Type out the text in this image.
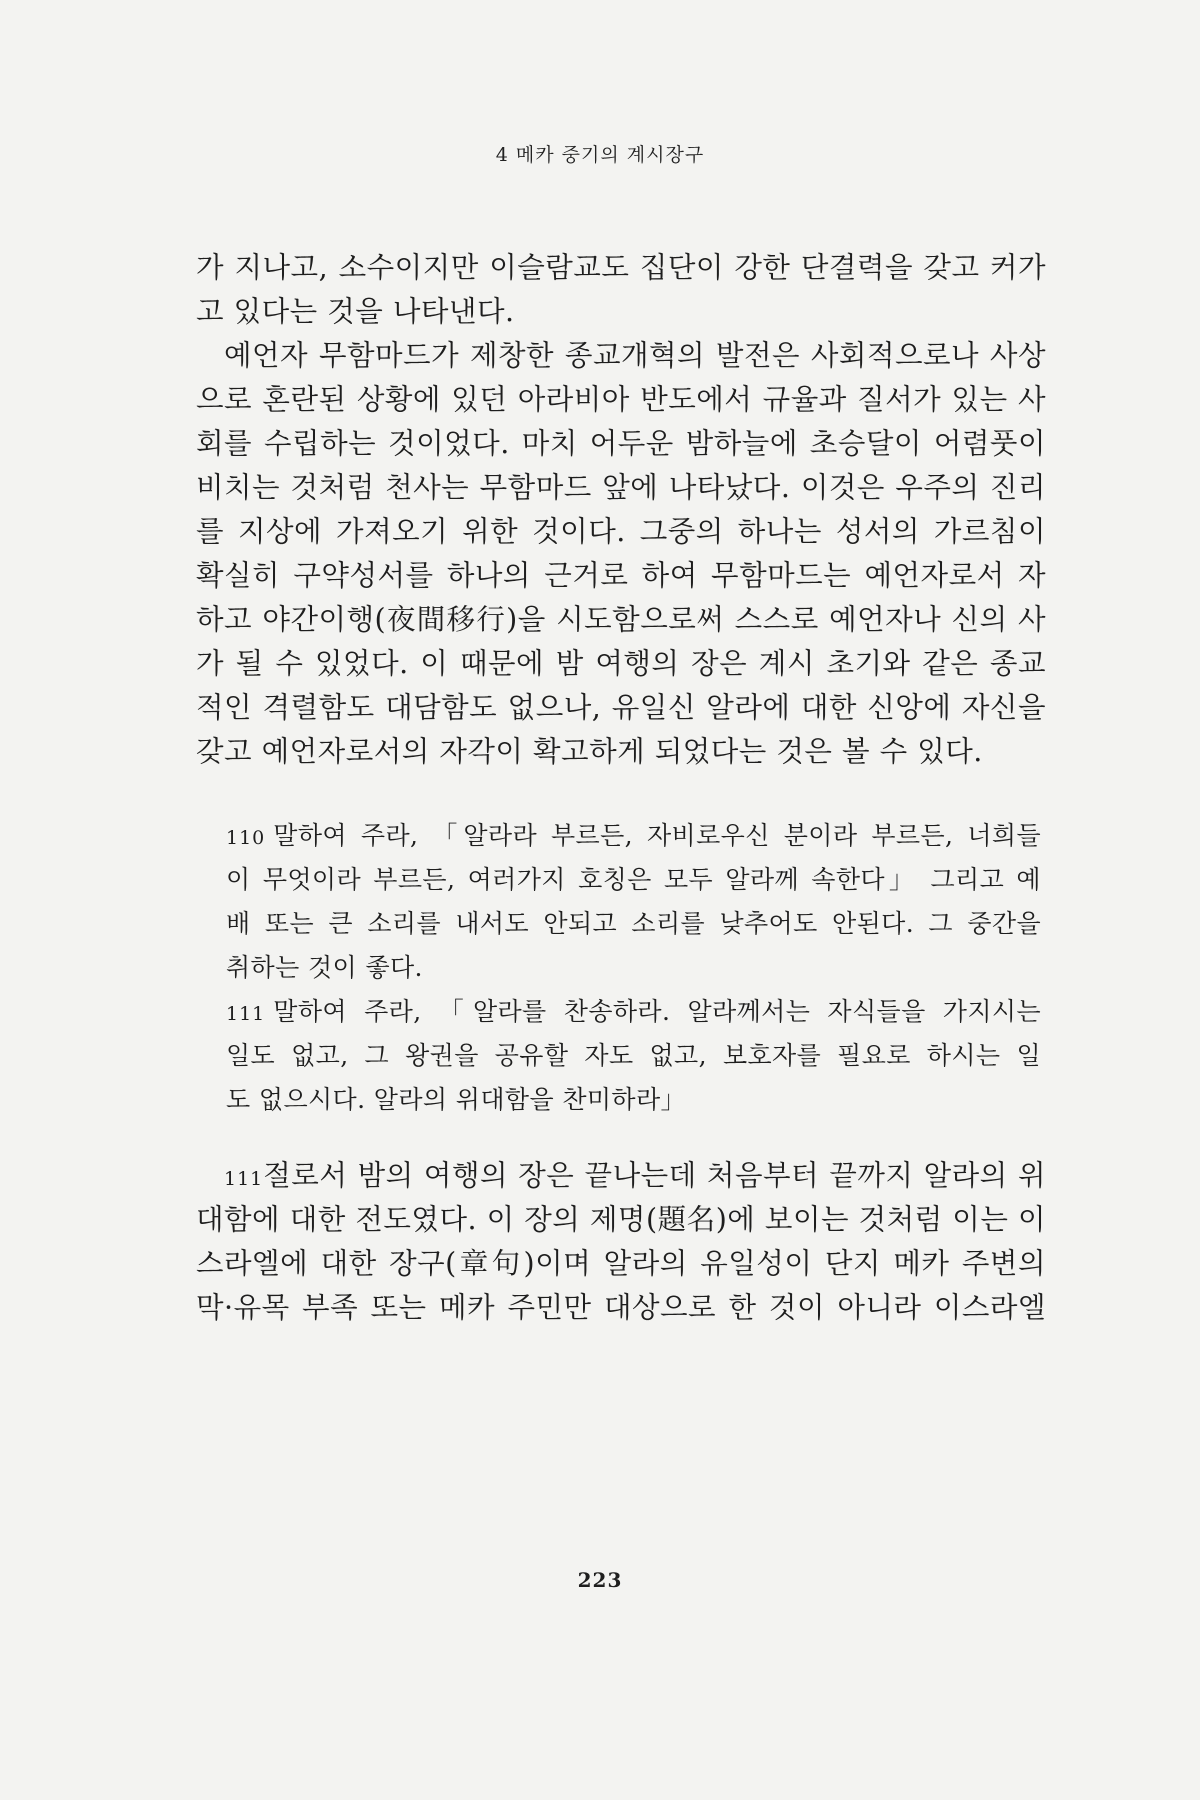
4 메카 중기의 계시장구
가 지나고, 소수이지만 이슬람교도 집단이 강한 단결력을 갖고 커가
고 있다는 것을 나타낸다.
예언자 무함마드가 제창한 종교개혁의 발전은 사회적으로나 사상
으로 혼란된 상황에 있던 아라비아 반도에서 규율과 질서가 있는 사
회를 수립하는 것이었다. 마치 어두운 밤하늘에 초승달이 어렴풋이
비치는 것처럼 천사는 무함마드 앞에 나타났다. 이것은 우주의 진리
를 지상에 가져오기 위한 것이다. 그중의 하나는 성서의 가르침이
확실히 구약성서를 하나의 근거로 하여 무함마드는 예언자로서 자
하고 야간이행(夜間移行)을 시도함으로써 스스로 예언자나 신의 사
가 될 수 있었다. 이 때문에 밤 여행의 장은 계시 초기와 같은 종교
적인 격렬함도 대담함도 없으나, 유일신 알라에 대한 신앙에 자신을
갖고 예언자로서의 자각이 확고하게 되었다는 것은 볼 수 있다.
110 말하여 주라, 「알라라 부르든, 자비로우신 분이라 부르든, 너희들
이 무엇이라 부르든, 여러가지 호칭은 모두 알라께 속한다」 그리고 예
배 또는 큰 소리를 내서도 안되고 소리를 낮추어도 안된다. 그 중간을
취하는 것이 좋다.
111 말하여 주라, 「알라를 찬송하라. 알라께서는 자식들을 가지시는
일도 없고, 그 왕권을 공유할 자도 없고, 보호자를 필요로 하시는 일
도 없으시다. 알라의 위대함을 찬미하라」
111절로서 밤의 여행의 장은 끝나는데 처음부터 끝까지 알라의 위
대함에 대한 전도였다. 이 장의 제명(題名)에 보이는 것처럼 이는 이
스라엘에 대한 장구(章句)이며 알라의 유일성이 단지 메카 주변의
막·유목 부족 또는 메카 주민만 대상으로 한 것이 아니라 이스라엘
223
